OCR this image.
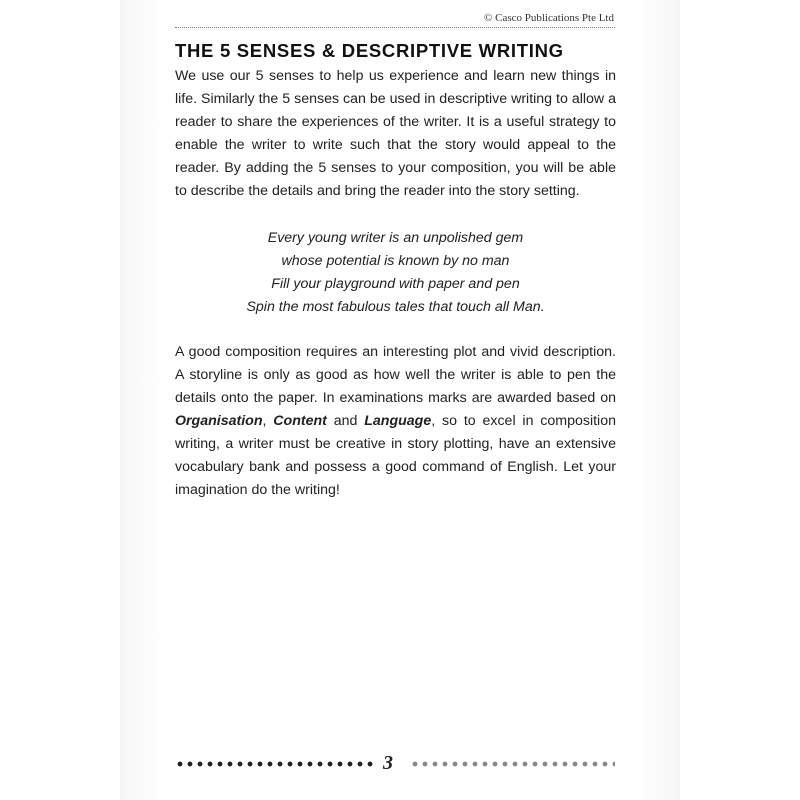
© Casco Publications Pte Ltd
THE 5 SENSES & DESCRIPTIVE WRITING

We use our 5 senses to help us experience and learn new things in life. Similarly the 5 senses can be used in descriptive writing to allow a reader to share the experiences of the writer. It is a useful strategy to enable the writer to write such that the story would appeal to the reader. By adding the 5 senses to your composition, you will be able to describe the details and bring the reader into the story setting.

Every young writer is an unpolished gem
whose potential is known by no man
Fill your playground with paper and pen
Spin the most fabulous tales that touch all Man.

A good composition requires an interesting plot and vivid description. A storyline is only as good as how well the writer is able to pen the details onto the paper. In examinations marks are awarded based on Organisation, Content and Language, so to excel in composition writing, a writer must be creative in story plotting, have an extensive vocabulary bank and possess a good command of English. Let your imagination do the writing!

3
